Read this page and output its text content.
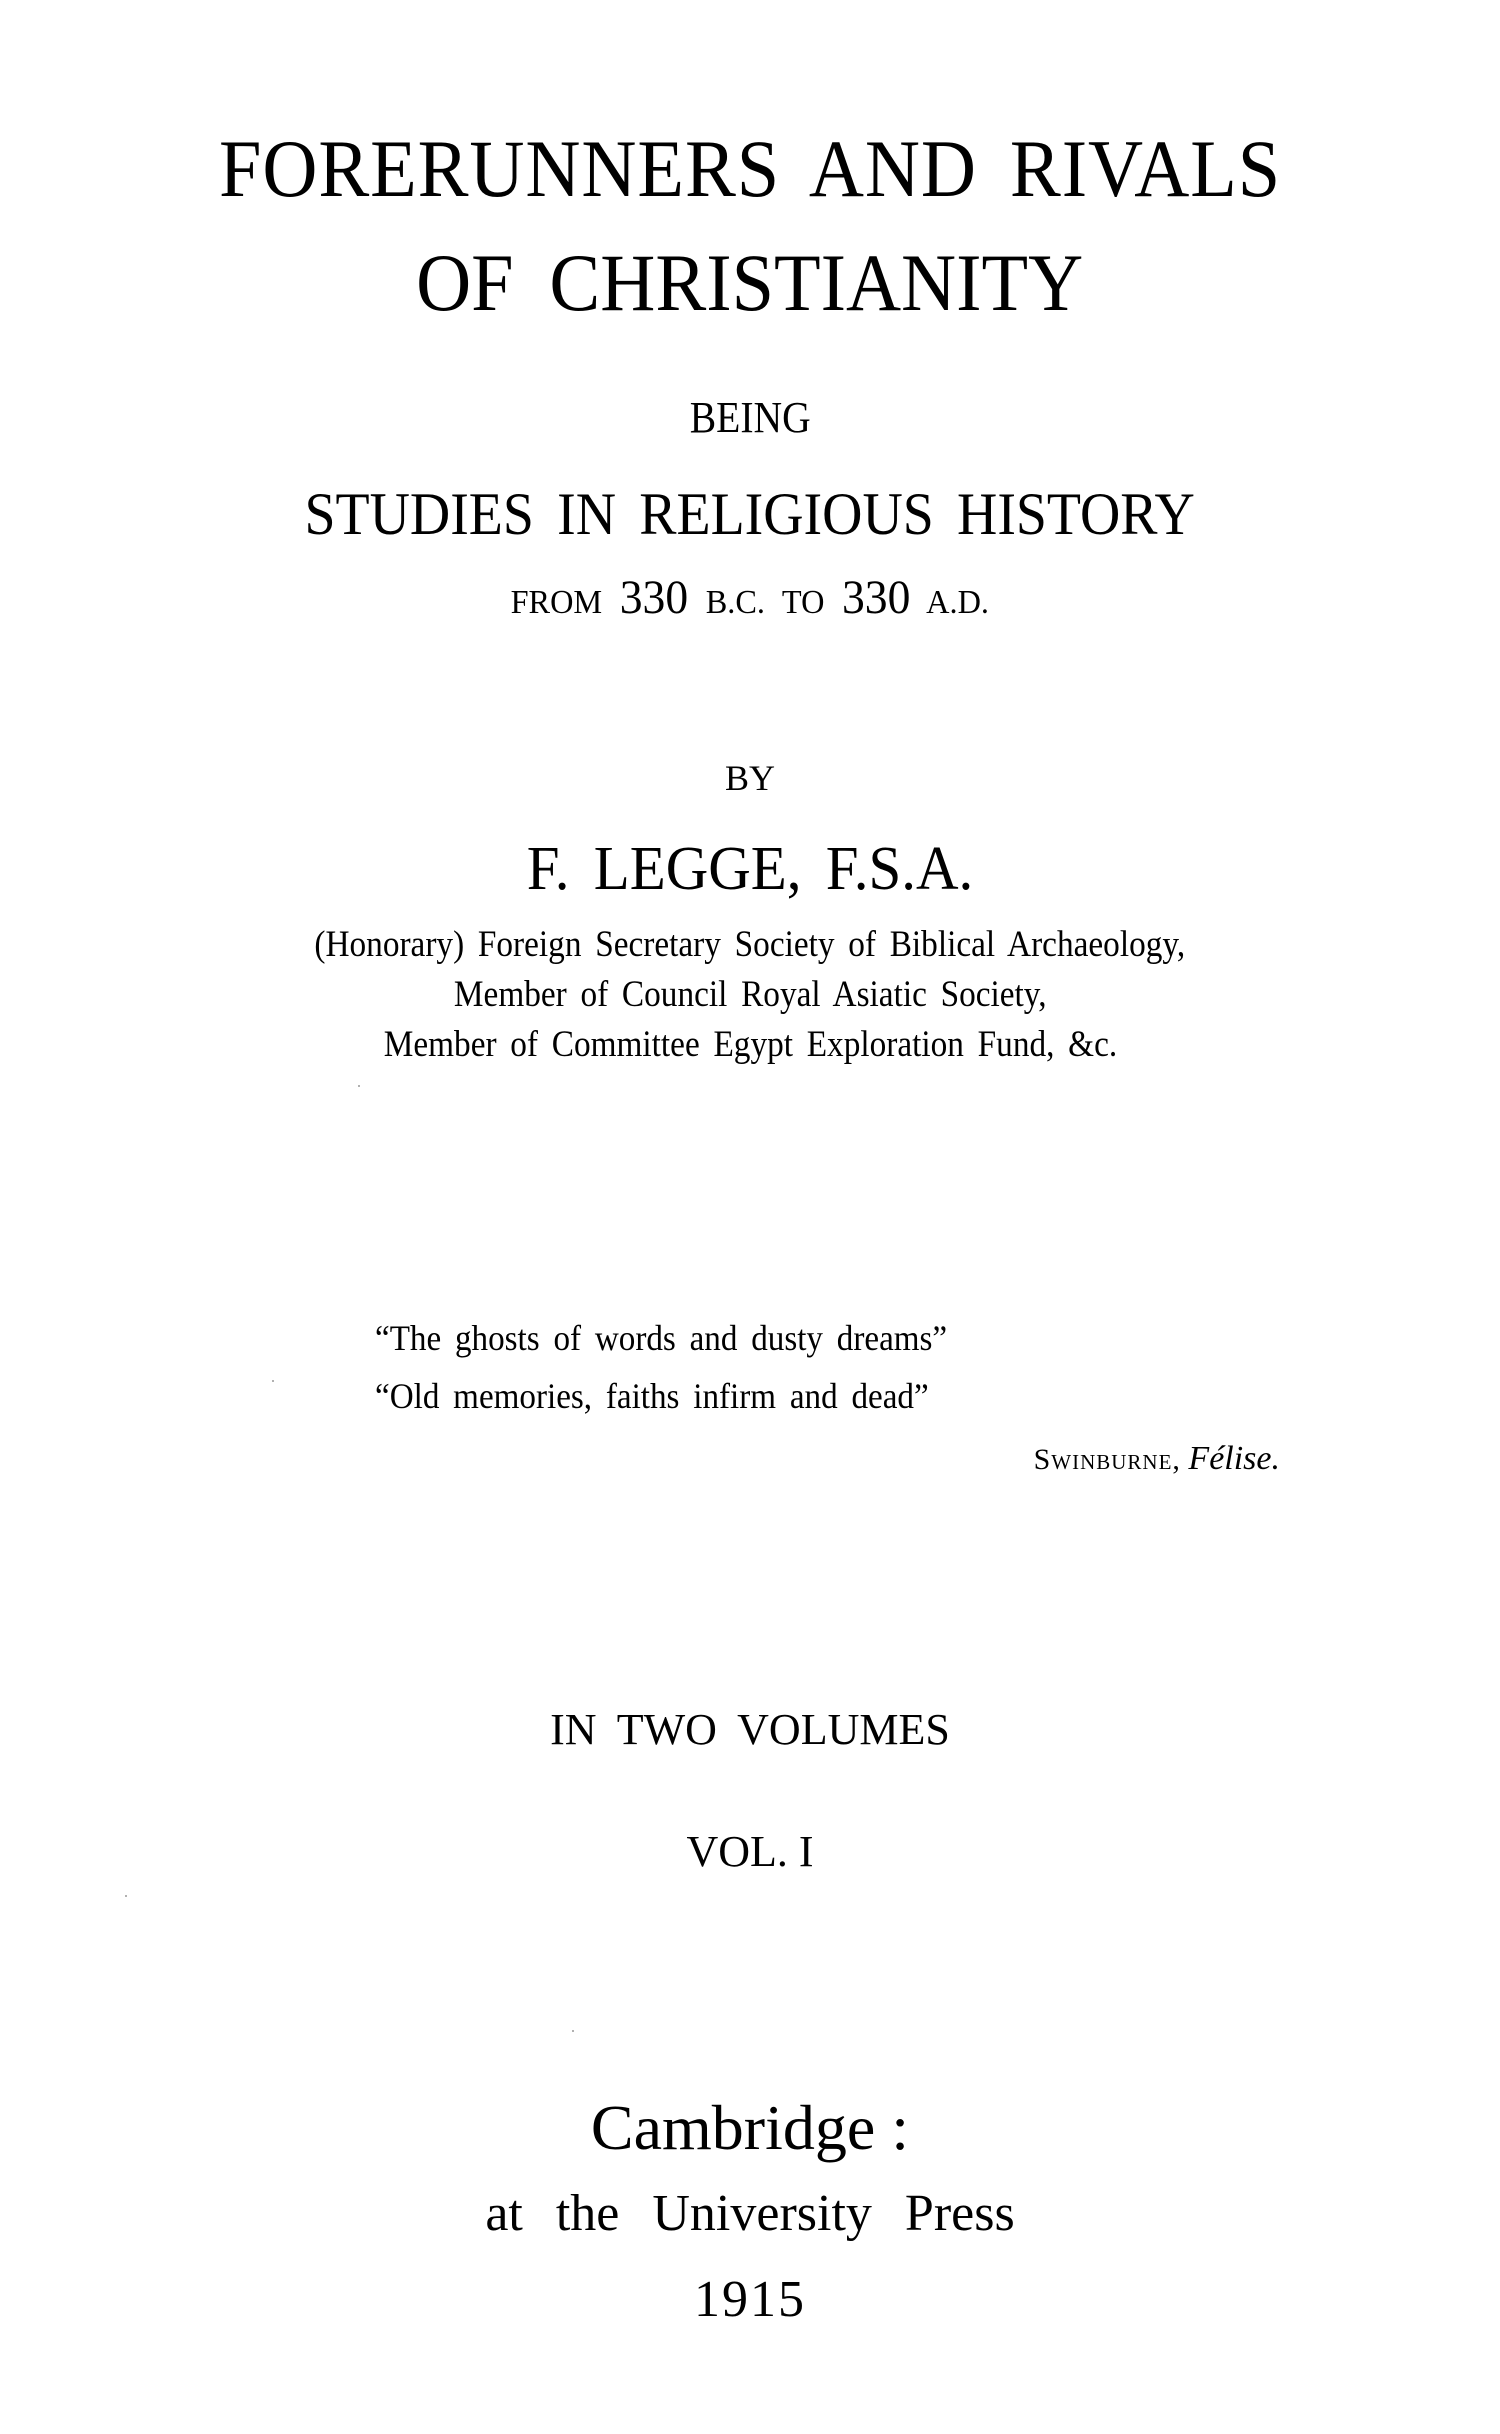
FORERUNNERS AND RIVALS
OF CHRISTIANITY
BEING
STUDIES IN RELIGIOUS HISTORY
FROM 330 B.C. TO 330 A.D.
BY
F. LEGGE, F.S.A.
(Honorary) Foreign Secretary Society of Biblical Archaeology,
Member of Council Royal Asiatic Society,
Member of Committee Egypt Exploration Fund, &c.
“The ghosts of words and dusty dreams”
“Old memories, faiths infirm and dead”
Swinburne, Félise.
IN TWO VOLUMES
VOL. I
Cambridge :
at the University Press
1915
